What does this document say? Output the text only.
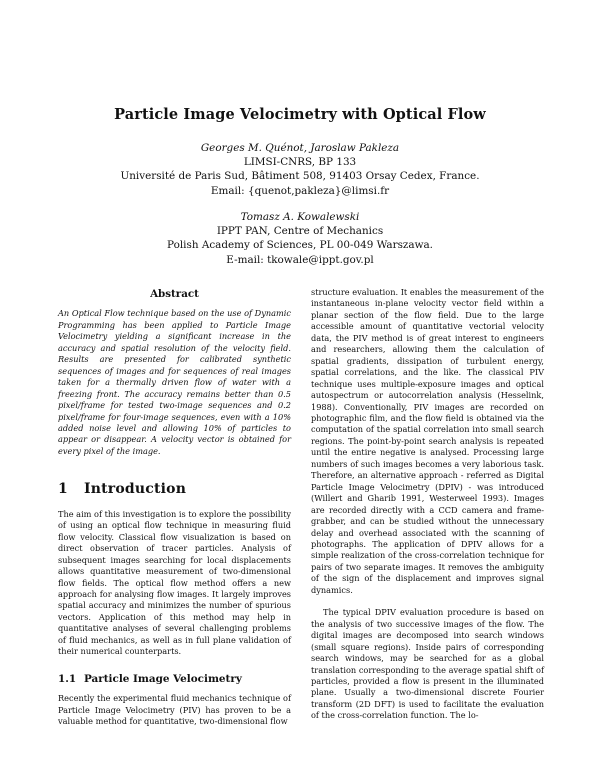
Particle Image Velocimetry with Optical Flow
Georges M. Quénot, Jaroslaw Pakleza
LIMSI-CNRS, BP 133
Université de Paris Sud, Bâtiment 508, 91403 Orsay Cedex, France.
Email: {quenot,pakleza}@limsi.fr
Tomasz A. Kowalewski
IPPT PAN, Centre of Mechanics
Polish Academy of Sciences, PL 00-049 Warszawa.
E-mail: tkowale@ippt.gov.pl

Abstract

An Optical Flow technique based on the use of Dynamic Programming has been applied to Particle Image Velocimetry yielding a significant increase in the accuracy and spatial resolution of the velocity field. Results are presented for calibrated synthetic sequences of images and for sequences of real images taken for a thermally driven flow of water with a freezing front. The accuracy remains better than 0.5 pixel/frame for tested two-image sequences and 0.2 pixel/frame for four-image sequences, even with a 10% added noise level and allowing 10% of particles to appear or disappear. A velocity vector is obtained for every pixel of the image.

1 Introduction

The aim of this investigation is to explore the possibility of using an optical flow technique in measuring fluid flow velocity. Classical flow visualization is based on direct observation of tracer particles. Analysis of subsequent images searching for local displacements allows quantitative measurement of two-dimensional flow fields. The optical flow method offers a new approach for analysing flow images. It largely improves spatial accuracy and minimizes the number of spurious vectors. Application of this method may help in quantitative analyses of several challenging problems of fluid mechanics, as well as in full plane validation of their numerical counterparts.

1.1 Particle Image Velocimetry

Recently the experimental fluid mechanics technique of Particle Image Velocimetry (PIV) has proven to be a valuable method for quantitative, two-dimensional flow

structure evaluation. It enables the measurement of the instantaneous in-plane velocity vector field within a planar section of the flow field. Due to the large accessible amount of quantitative vectorial velocity data, the PIV method is of great interest to engineers and researchers, allowing them the calculation of spatial gradients, dissipation of turbulent energy, spatial correlations, and the like. The classical PIV technique uses multiple-exposure images and optical autospectrum or autocorrelation analysis (Hesselink, 1988). Conventionally, PIV images are recorded on photographic film, and the flow field is obtained via the computation of the spatial correlation into small search regions. The point-by-point search analysis is repeated until the entire negative is analysed. Processing large numbers of such images becomes a very laborious task. Therefore, an alternative approach - referred as Digital Particle Image Velocimetry (DPIV) - was introduced (Willert and Gharib 1991, Westerweel 1993). Images are recorded directly with a CCD camera and frame-grabber, and can be studied without the unnecessary delay and overhead associated with the scanning of photographs. The application of DPIV allows for a simple realization of the cross-correlation technique for pairs of two separate images. It removes the ambiguity of the sign of the displacement and improves signal dynamics.

The typical DPIV evaluation procedure is based on the analysis of two successive images of the flow. The digital images are decomposed into search windows (small square regions). Inside pairs of corresponding search windows, may be searched for as a global translation corresponding to the average spatial shift of particles, provided a flow is present in the illuminated plane. Usually a two-dimensional discrete Fourier transform (2D DFT) is used to facilitate the evaluation of the cross-correlation function. The lo-
